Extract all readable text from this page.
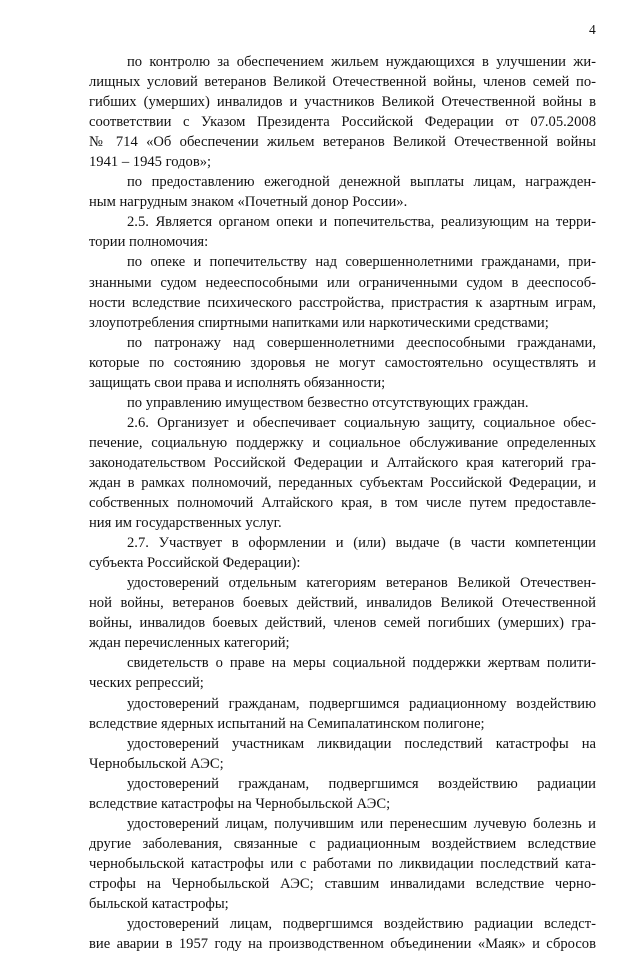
4
по контролю за обеспечением жильем нуждающихся в улучшении жи-
лищных условий ветеранов Великой Отечественной войны, членов семей по-
гибших (умерших) инвалидов и участников Великой Отечественной войны в
соответствии с Указом Президента Российской Федерации от 07.05.2008
№ 714 «Об обеспечении жильем ветеранов Великой Отечественной войны
1941 – 1945 годов»;
по предоставлению ежегодной денежной выплаты лицам, награжден-
ным нагрудным знаком «Почетный донор России».
2.5. Является органом опеки и попечительства, реализующим на терри-
тории полномочия:
по опеке и попечительству над совершеннолетними гражданами, при-
знанными судом недееспособными или ограниченными судом в дееспособ-
ности вследствие психического расстройства, пристрастия к азартным играм,
злоупотребления спиртными напитками или наркотическими средствами;
по патронажу над совершеннолетними дееспособными гражданами,
которые по состоянию здоровья не могут самостоятельно осуществлять и
защищать свои права и исполнять обязанности;
по управлению имуществом безвестно отсутствующих граждан.
2.6. Организует и обеспечивает социальную защиту, социальное обес-
печение, социальную поддержку и социальное обслуживание определенных
законодательством Российской Федерации и Алтайского края категорий гра-
ждан в рамках полномочий, переданных субъектам Российской Федерации, и
собственных полномочий Алтайского края, в том числе путем предоставле-
ния им государственных услуг.
2.7. Участвует в оформлении и (или) выдаче (в части компетенции
субъекта Российской Федерации):
удостоверений отдельным категориям ветеранов Великой Отечествен-
ной войны, ветеранов боевых действий, инвалидов Великой Отечественной
войны, инвалидов боевых действий, членов семей погибших (умерших) гра-
ждан перечисленных категорий;
свидетельств о праве на меры социальной поддержки жертвам полити-
ческих репрессий;
удостоверений гражданам, подвергшимся радиационному воздействию
вследствие ядерных испытаний на Семипалатинском полигоне;
удостоверений участникам ликвидации последствий катастрофы на
Чернобыльской АЭС;
удостоверений гражданам, подвергшимся воздействию радиации
вследствие катастрофы на Чернобыльской АЭС;
удостоверений лицам, получившим или перенесшим лучевую болезнь и
другие заболевания, связанные с радиационным воздействием вследствие
чернобыльской катастрофы или с работами по ликвидации последствий ката-
строфы на Чернобыльской АЭС; ставшим инвалидами вследствие черно-
быльской катастрофы;
удостоверений лицам, подвергшимся воздействию радиации вследст-
вие аварии в 1957 году на производственном объединении «Маяк» и сбросов
